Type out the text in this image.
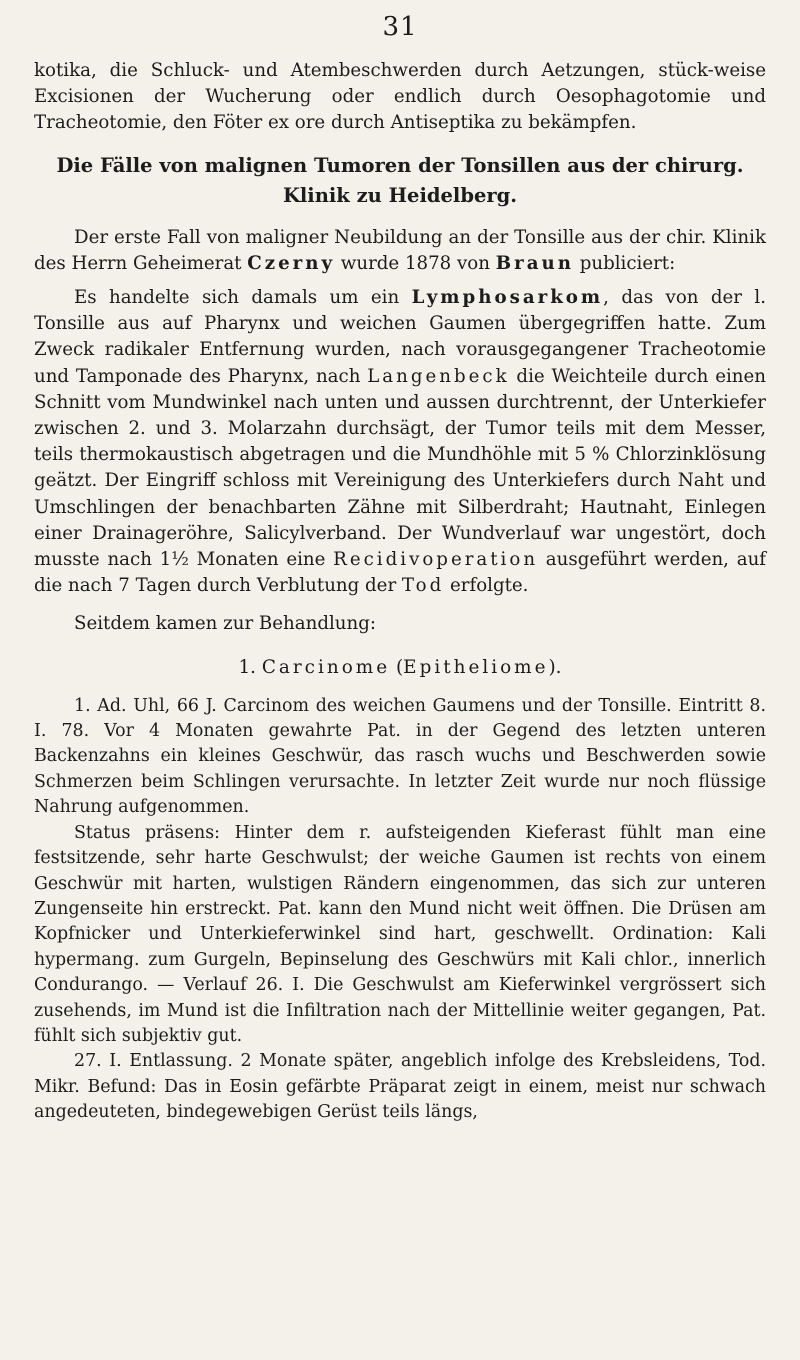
31

kotika, die Schluck- und Atembeschwerden durch Aetzungen, stück-weise Excisionen der Wucherung oder endlich durch Oesophagotomie und Tracheotomie, den Föter ex ore durch Antiseptika zu bekämpfen.

Die Fälle von malignen Tumoren der Tonsillen aus der chirurg.
Klinik zu Heidelberg.

Der erste Fall von maligner Neubildung an der Tonsille aus der chir. Klinik des Herrn Geheimerat Czerny wurde 1878 von Braun publiciert:

Es handelte sich damals um ein Lymphosarkom, das von der l. Tonsille aus auf Pharynx und weichen Gaumen übergegriffen hatte. Zum Zweck radikaler Entfernung wurden, nach vorausgegangener Tracheotomie und Tamponade des Pharynx, nach Langenbeck die Weichteile durch einen Schnitt vom Mundwinkel nach unten und aussen durchtrennt, der Unterkiefer zwischen 2. und 3. Molarzahn durchsägt, der Tumor teils mit dem Messer, teils thermokaustisch abgetragen und die Mundhöhle mit 5 % Chlorzinklösung geätzt. Der Eingriff schloss mit Vereinigung des Unterkiefers durch Naht und Umschlingen der benachbarten Zähne mit Silberdraht; Hautnaht, Einlegen einer Drainageröhre, Salicylverband. Der Wundverlauf war ungestört, doch musste nach 1½ Monaten eine Recidivoperation ausgeführt werden, auf die nach 7 Tagen durch Verblutung der Tod erfolgte.

Seitdem kamen zur Behandlung:

1. Carcinome (Epitheliome).

1. Ad. Uhl, 66 J. Carcinom des weichen Gaumens und der Tonsille. Eintritt 8. I. 78. Vor 4 Monaten gewahrte Pat. in der Gegend des letzten unteren Backenzahns ein kleines Geschwür, das rasch wuchs und Beschwerden sowie Schmerzen beim Schlingen verursachte. In letzter Zeit wurde nur noch flüssige Nahrung aufgenommen.

Status präsens: Hinter dem r. aufsteigenden Kieferast fühlt man eine festsitzende, sehr harte Geschwulst; der weiche Gaumen ist rechts von einem Geschwür mit harten, wulstigen Rändern eingenommen, das sich zur unteren Zungenseite hin erstreckt. Pat. kann den Mund nicht weit öffnen. Die Drüsen am Kopfnicker und Unterkieferwinkel sind hart, geschwellt. Ordination: Kali hypermang. zum Gurgeln, Bepinselung des Geschwürs mit Kali chlor., innerlich Condurango. — Verlauf 26. I. Die Geschwulst am Kieferwinkel vergrössert sich zusehends, im Mund ist die Infiltration nach der Mittellinie weiter gegangen, Pat. fühlt sich subjektiv gut.

27. I. Entlassung. 2 Monate später, angeblich infolge des Krebsleidens, Tod. Mikr. Befund: Das in Eosin gefärbte Präparat zeigt in einem, meist nur schwach angedeuteten, bindegewebigen Gerüst teils längs,
